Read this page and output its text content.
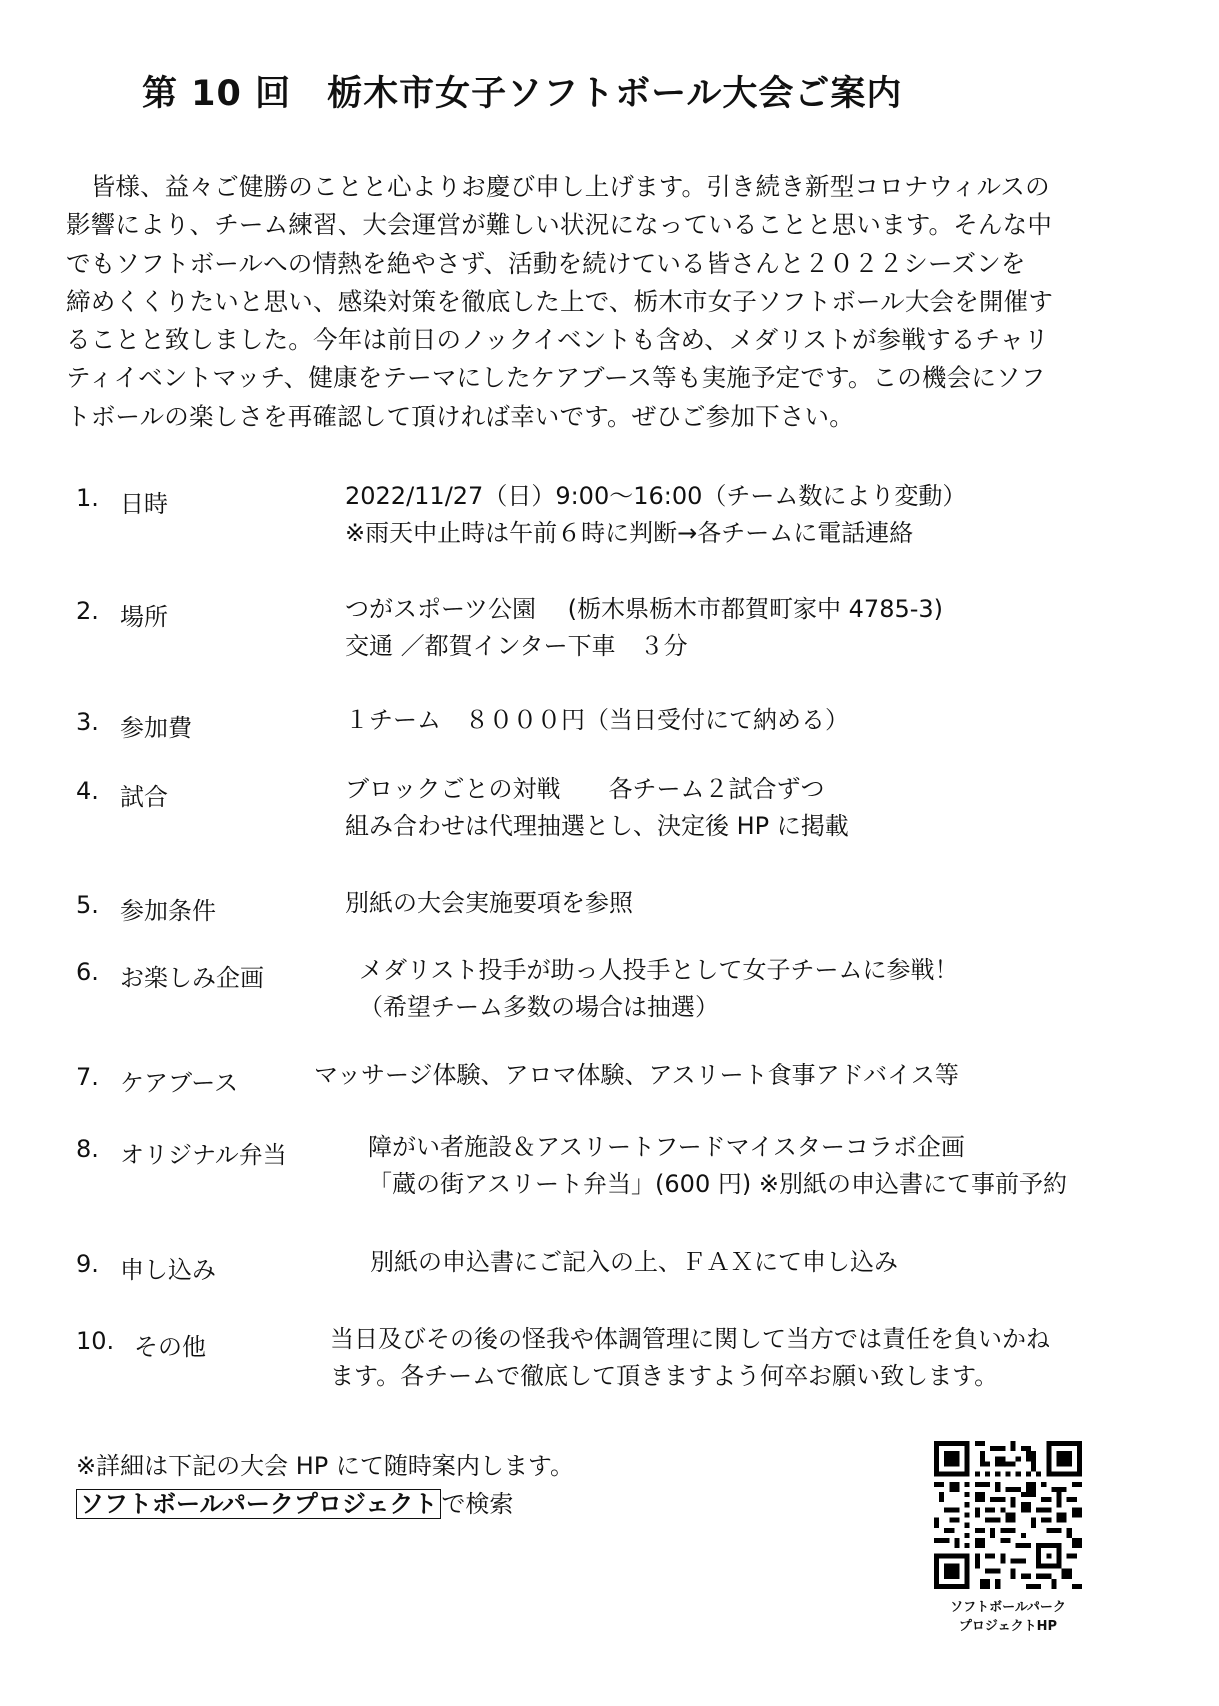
第 10 回　栃木市女子ソフトボール大会ご案内

　皆様、益々ご健勝のことと心よりお慶び申し上げます。引き続き新型コロナウィルスの

影響により、チーム練習、大会運営が難しい状況になっていることと思います。そんな中

でもソフトボールへの情熱を絶やさず、活動を続けている皆さんと２０２２シーズンを

締めくくりたいと思い、感染対策を徹底した上で、栃木市女子ソフトボール大会を開催す

ることと致しました。今年は前日のノックイベントも含め、メダリストが参戦するチャリ

ティイベントマッチ、健康をテーマにしたケアブース等も実施予定です。この機会にソフ

トボールの楽しさを再確認して頂ければ幸いです。ぜひご参加下さい。

1. 日時	2022/11/27（日）9:00～16:00（チーム数により変動）
※雨天中止時は午前６時に判断→各チームに電話連絡
2. 場所	つがスポーツ公園　 (栃木県栃木市都賀町家中 4785-3)
交通 ／都賀インター下車　３分
3. 参加費	１チーム　８０００円（当日受付にて納める）
4. 試合	ブロックごとの対戦　　各チーム２試合ずつ
組み合わせは代理抽選とし、決定後 HP に掲載
5. 参加条件	別紙の大会実施要項を参照
6. お楽しみ企画	メダリスト投手が助っ人投手として女子チームに参戦！
（希望チーム多数の場合は抽選）
7. ケアブース	マッサージ体験、アロマ体験、アスリート食事アドバイス等
8. オリジナル弁当	障がい者施設＆アスリートフードマイスターコラボ企画
「蔵の街アスリート弁当」(600 円) ※別紙の申込書にて事前予約
9. 申し込み	別紙の申込書にご記入の上、ＦＡＸにて申し込み
10. その他	当日及びその後の怪我や体調管理に関して当方では責任を負いかね
ます。各チームで徹底して頂きますよう何卒お願い致します。
※詳細は下記の大会 HP にて随時案内します。
ソフトボールパークプロジェクト で検索
ソフトボールパーク
プロジェクトHP
